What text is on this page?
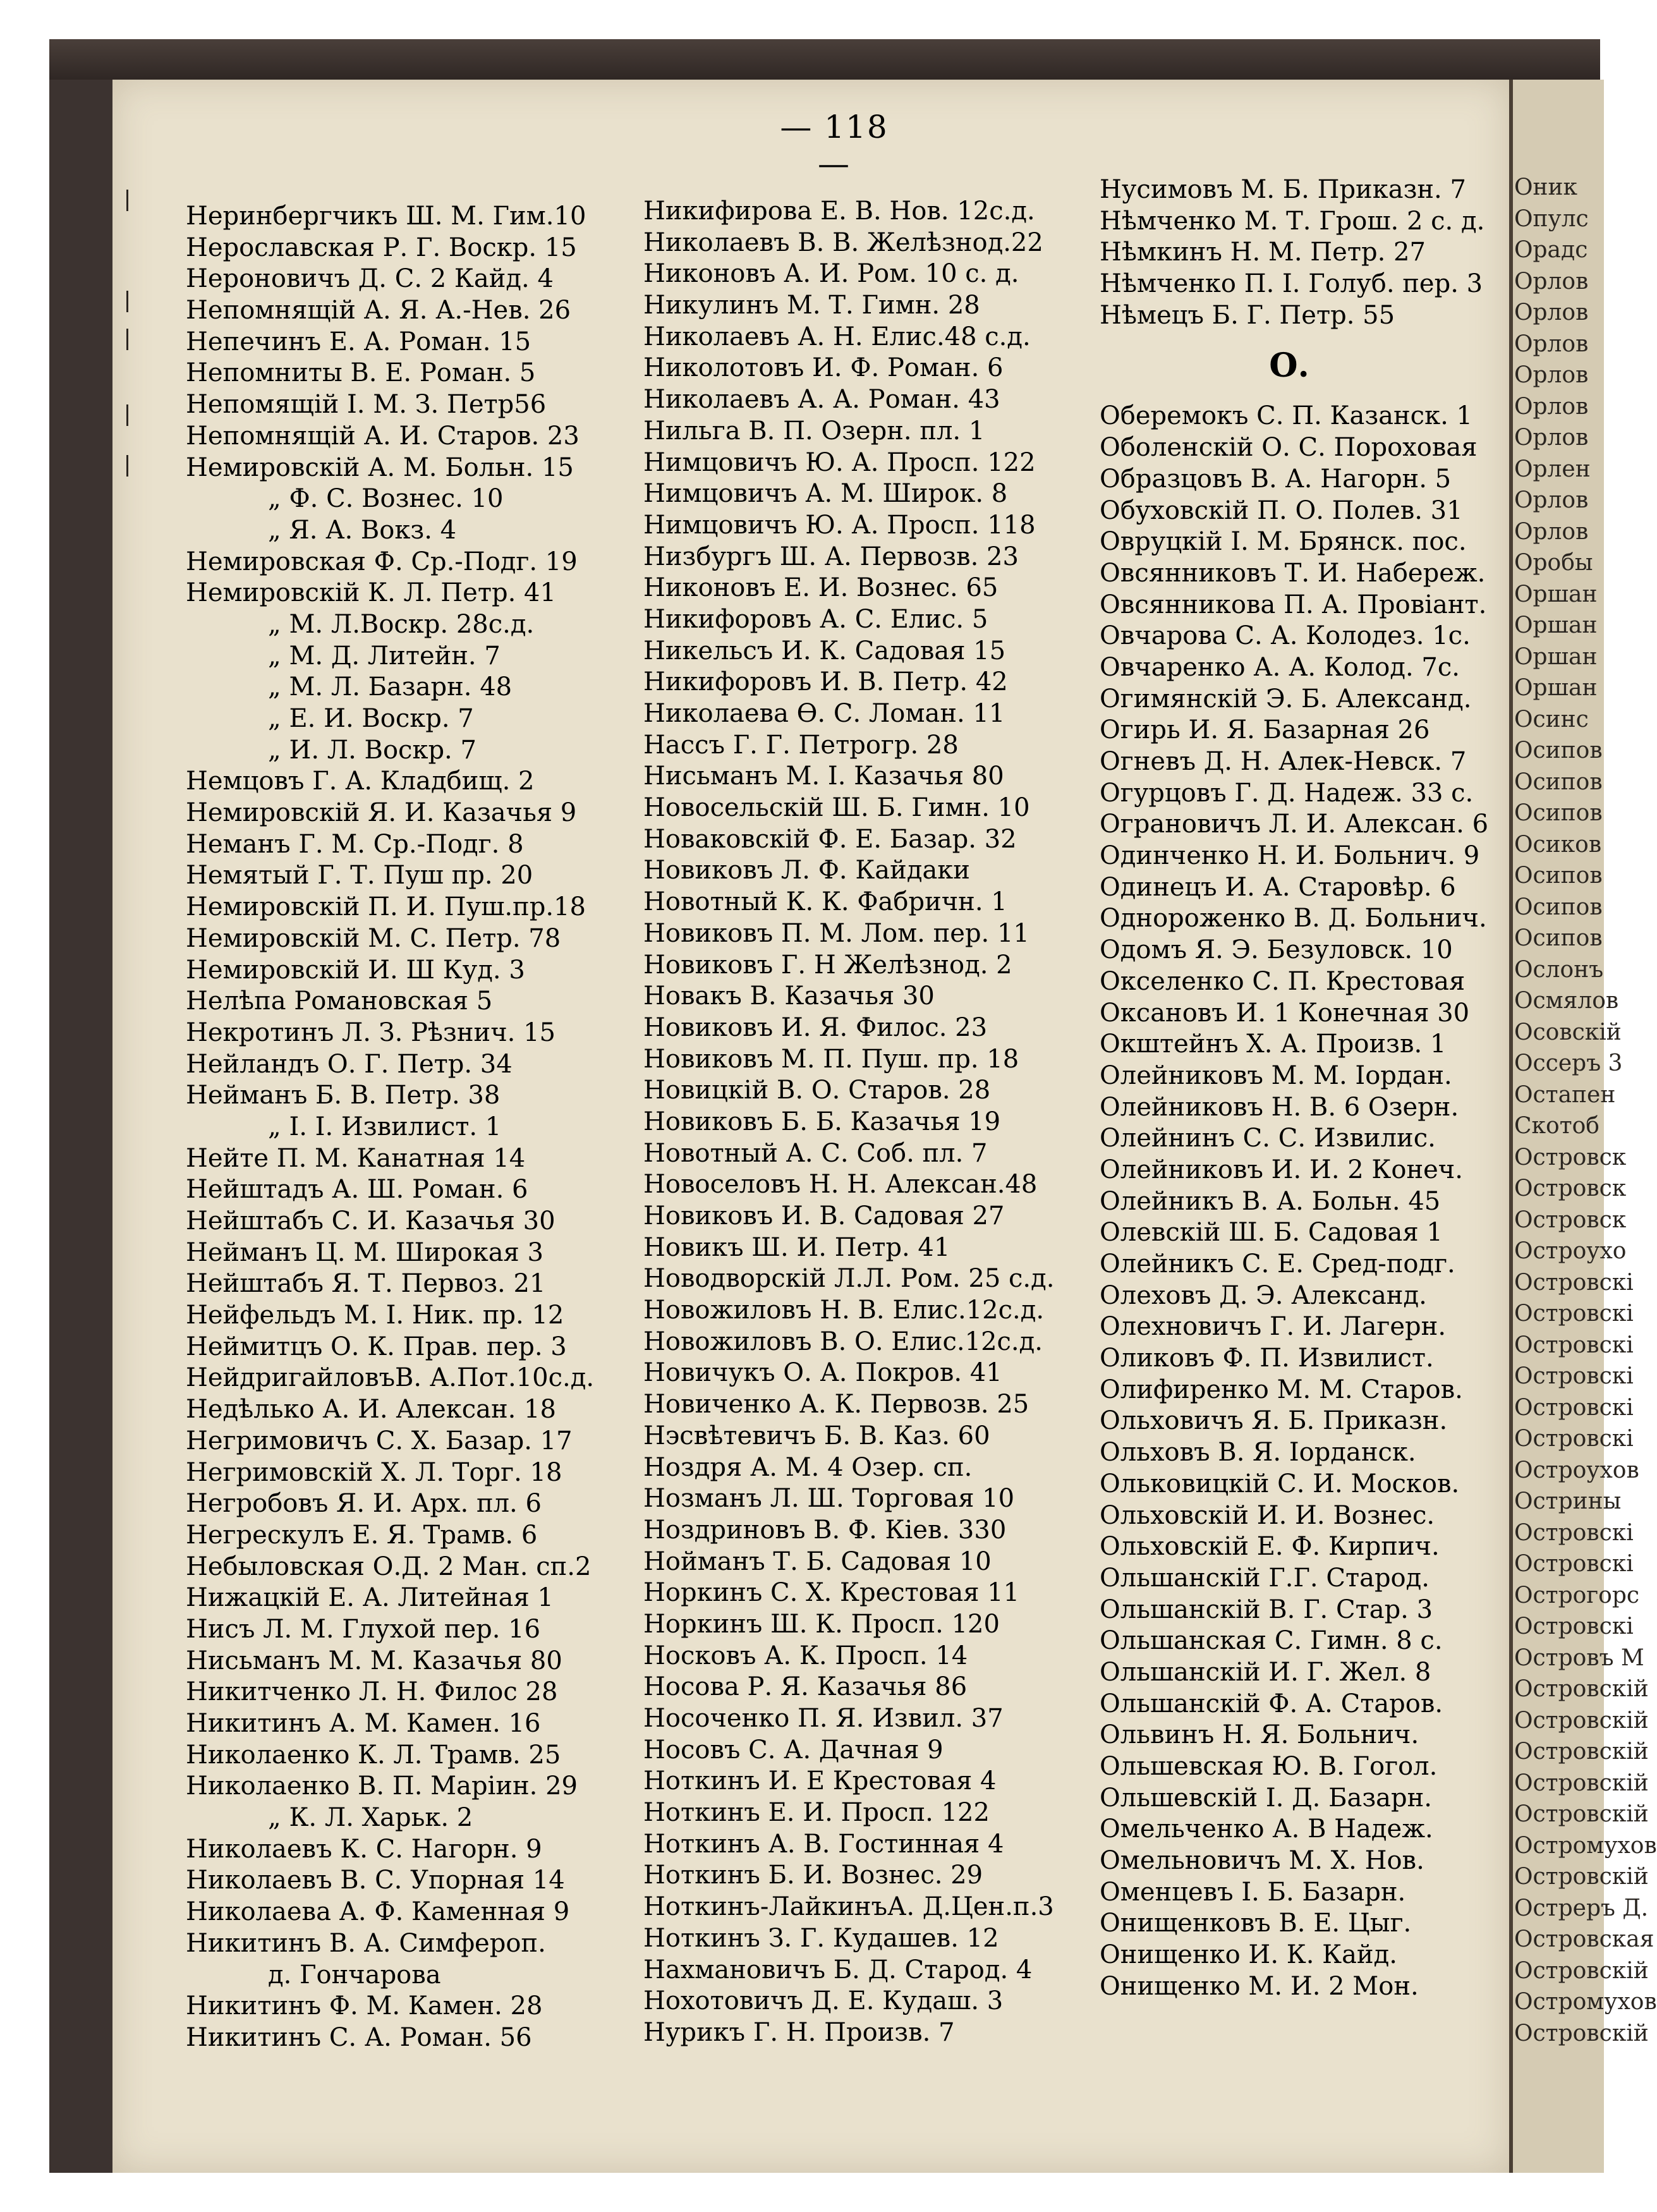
— 118 —
Неринбергчикъ Ш. М. Гим.10
Нерославская Р. Г. Воскр. 15
Нероновичъ Д. С. 2 Кайд. 4
Непомнящій А. Я. А.-Нев. 26
Непечинъ Е. А. Роман. 15
Непомниты В. Е. Роман. 5
Непомящій І. М. З. Петр56
Непомнящій А. И. Старов. 23
Немировскій А. М. Больн. 15
„ Ф. С. Вознес. 10
„ Я. А. Вокз. 4
Немировская Ф. Ср.-Подг. 19
Немировскій К. Л. Петр. 41
„ М. Л.Воскр. 28с.д.
„ М. Д. Литейн. 7
„ М. Л. Базарн. 48
„ Е. И. Воскр. 7
„ И. Л. Воскр. 7
Немцовъ Г. А. Кладбищ. 2
Немировскій Я. И. Казачья 9
Неманъ Г. М. Ср.-Подг. 8
Немятый Г. Т. Пуш пр. 20
Немировскій П. И. Пуш.пр.18
Немировскій М. С. Петр. 78
Немировскій И. Ш Куд. 3
Нелѣпа Романовская 5
Некротинъ Л. З. Рѣзнич. 15
Нейландъ О. Г. Петр. 34
Нейманъ Б. В. Петр. 38
„ І. І. Извилист. 1
Нейте П. М. Канатная 14
Нейштадъ А. Ш. Роман. 6
Нейштабъ С. И. Казачья 30
Нейманъ Ц. М. Широкая 3
Нейштабъ Я. Т. Первоз. 21
Нейфельдъ М. І. Ник. пр. 12
Неймитцъ О. К. Прав. пер. 3
НейдригайловъВ. А.Пот.10с.д.
Недѣлько А. И. Алексан. 18
Негримовичъ С. Х. Базар. 17
Негримовскій Х. Л. Торг. 18
Негробовъ Я. И. Арх. пл. 6
Негрескулъ Е. Я. Трамв. 6
Небыловская О.Д. 2 Ман. сп.2
Нижацкій Е. А. Литейная 1
Нисъ Л. М. Глухой пер. 16
Нисьманъ М. М. Казачья 80
Никитченко Л. Н. Филос 28
Никитинъ А. М. Камен. 16
Николаенко К. Л. Трамв. 25
Николаенко В. П. Маріин. 29
„ К. Л. Харьк. 2
Николаевъ К. С. Нагорн. 9
Николаевъ В. С. Упорная 14
Николаева А. Ф. Каменная 9
Никитинъ В. А. Симфероп.
д. Гончарова
Никитинъ Ф. М. Камен. 28
Никитинъ С. А. Роман. 56
Никифирова Е. В. Нов. 12с.д.
Николаевъ В. В. Желѣзнод.22
Никоновъ А. И. Ром. 10 с. д.
Никулинъ М. Т. Гимн. 28
Николаевъ А. Н. Елис.48 с.д.
Николотовъ И. Ф. Роман. 6
Николаевъ А. А. Роман. 43
Нильга В. П. Озерн. пл. 1
Нимцовичъ Ю. А. Просп. 122
Нимцовичъ А. М. Широк. 8
Нимцовичъ Ю. А. Просп. 118
Низбургъ Ш. А. Первозв. 23
Никоновъ Е. И. Вознес. 65
Никифоровъ А. С. Елис. 5
Никельсъ И. К. Садовая 15
Никифоровъ И. В. Петр. 42
Николаева Ө. С. Ломан. 11
Нассъ Г. Г. Петрогр. 28
Нисьманъ М. І. Казачья 80
Новосельскій Ш. Б. Гимн. 10
Новаковскій Ф. Е. Базар. 32
Новиковъ Л. Ф. Кайдаки
Новотный К. К. Фабричн. 1
Новиковъ П. М. Лом. пер. 11
Новиковъ Г. Н Желѣзнод. 2
Новакъ В. Казачья 30
Новиковъ И. Я. Филос. 23
Новиковъ М. П. Пуш. пр. 18
Новицкій В. О. Старов. 28
Новиковъ Б. Б. Казачья 19
Новотный А. С. Соб. пл. 7
Новоселовъ Н. Н. Алексан.48
Новиковъ И. В. Садовая 27
Новикъ Ш. И. Петр. 41
Новодворскій Л.Л. Ром. 25 с.д.
Новожиловъ Н. В. Елис.12с.д.
Новожиловъ В. О. Елис.12с.д.
Новичукъ О. А. Покров. 41
Новиченко А. К. Первозв. 25
Нэсвѣтевичъ Б. В. Каз. 60
Ноздря А. М. 4 Озер. сп.
Нозманъ Л. Ш. Торговая 10
Ноздриновъ В. Ф. Кіев. 330
Нойманъ Т. Б. Садовая 10
Норкинъ С. Х. Крестовая 11
Норкинъ Ш. К. Просп. 120
Носковъ А. К. Просп. 14
Носова Р. Я. Казачья 86
Носоченко П. Я. Извил. 37
Носовъ С. А. Дачная 9
Ноткинъ И. Е Крестовая 4
Ноткинъ Е. И. Просп. 122
Ноткинъ А. В. Гостинная 4
Ноткинъ Б. И. Вознес. 29
Ноткинъ-ЛайкинъА. Д.Цен.п.3
Ноткинъ З. Г. Кудашев. 12
Нахмановичъ Б. Д. Старод. 4
Нохотовичъ Д. Е. Кудаш. 3
Нурикъ Г. Н. Произв. 7
Нусимовъ М. Б. Приказн. 7
Нѣмченко М. Т. Грош. 2 с. д.
Нѣмкинъ Н. М. Петр. 27
Нѣмченко П. І. Голуб. пер. 3
Нѣмецъ Б. Г. Петр. 55
О.
Оберемокъ С. П. Казанск. 1
Оболенскій О. С. Пороховая
Образцовъ В. А. Нагорн. 5
Обуховскій П. О. Полев. 31
Овруцкій І. М. Брянск. пос.
Овсянниковъ Т. И. Набереж.
Овсянникова П. А. Провіант.
Овчарова С. А. Колодез. 1с.
Овчаренко А. А. Колод. 7с.
Огимянскій Э. Б. Александ.
Огирь И. Я. Базарная 26
Огневъ Д. Н. Алек-Невск. 7
Огурцовъ Г. Д. Надеж. 33 с.
Огрaновичъ Л. И. Алексан. 6
Одинченко Н. И. Больнич. 9
Одинецъ И. А. Старовѣр. 6
Однороженко В. Д. Больнич.
Одомъ Я. Э. Безуловск. 10
Окселенко С. П. Крестовая
Оксановъ И. 1 Конечная 30
Окштейнъ Х. А. Произв. 1
Олейниковъ М. М. Іордан.
Олейниковъ Н. В. 6 Озерн.
Олейнинъ С. С. Извилис.
Олейниковъ И. И. 2 Конеч.
Олейникъ В. А. Больн. 45
Олевскій Ш. Б. Садовая 1
Олейникъ С. Е. Сред-подг.
Олеховъ Д. Э. Александ.
Олехновичъ Г. И. Лагерн.
Оликовъ Ф. П. Извилист.
Олифиренко М. М. Старов.
Ольховичъ Я. Б. Приказн.
Ольховъ В. Я. Іорданск.
Ольковицкій С. И. Москов.
Ольховскій И. И. Вознес.
Ольховскій Е. Ф. Кирпич.
Ольшанскій Г.Г. Старод.
Ольшанскій В. Г. Стар. 3
Ольшанская С. Гимн. 8 с.
Ольшанскій И. Г. Жел. 8
Ольшанскій Ф. А. Старов.
Ольвинъ Н. Я. Больнич.
Ольшевская Ю. В. Гогол.
Ольшевскій І. Д. Базарн.
Омельченко А. В Надеж.
Омельновичъ М. Х. Нов.
Оменцевъ І. Б. Базарн.
Онищенковъ В. Е. Цыг.
Онищенко И. К. Кайд.
Онищенко М. И. 2 Мон.
Оник
Опулс
Орадс
Орлов
Орлов
Орлов
Орлов
Орлов
Орлов
Орлен
Орлов
Орлов
Оробы
Оршан
Оршан
Оршан
Оршан
Осинс
Осипов
Осипов
Осипов
Осиков
Осипов
Осипов
Осипов
Ослонъ
Осмялов
Осовскій
Оссеръ 3
Остапен
Скотоб
Островск
Островск
Островск
Остроухо
Островскі
Островскі
Островскі
Островскі
Островскі
Островскі
Остроухов
Острины
Островскі
Островскі
Острогорс
Островскі
Островъ М
Островскій
Островскій
Островскій
Островскій
Островскій
Остромухов
Островскій
Остреръ Д.
Островская
Островскій
Остромухов
Островскій
